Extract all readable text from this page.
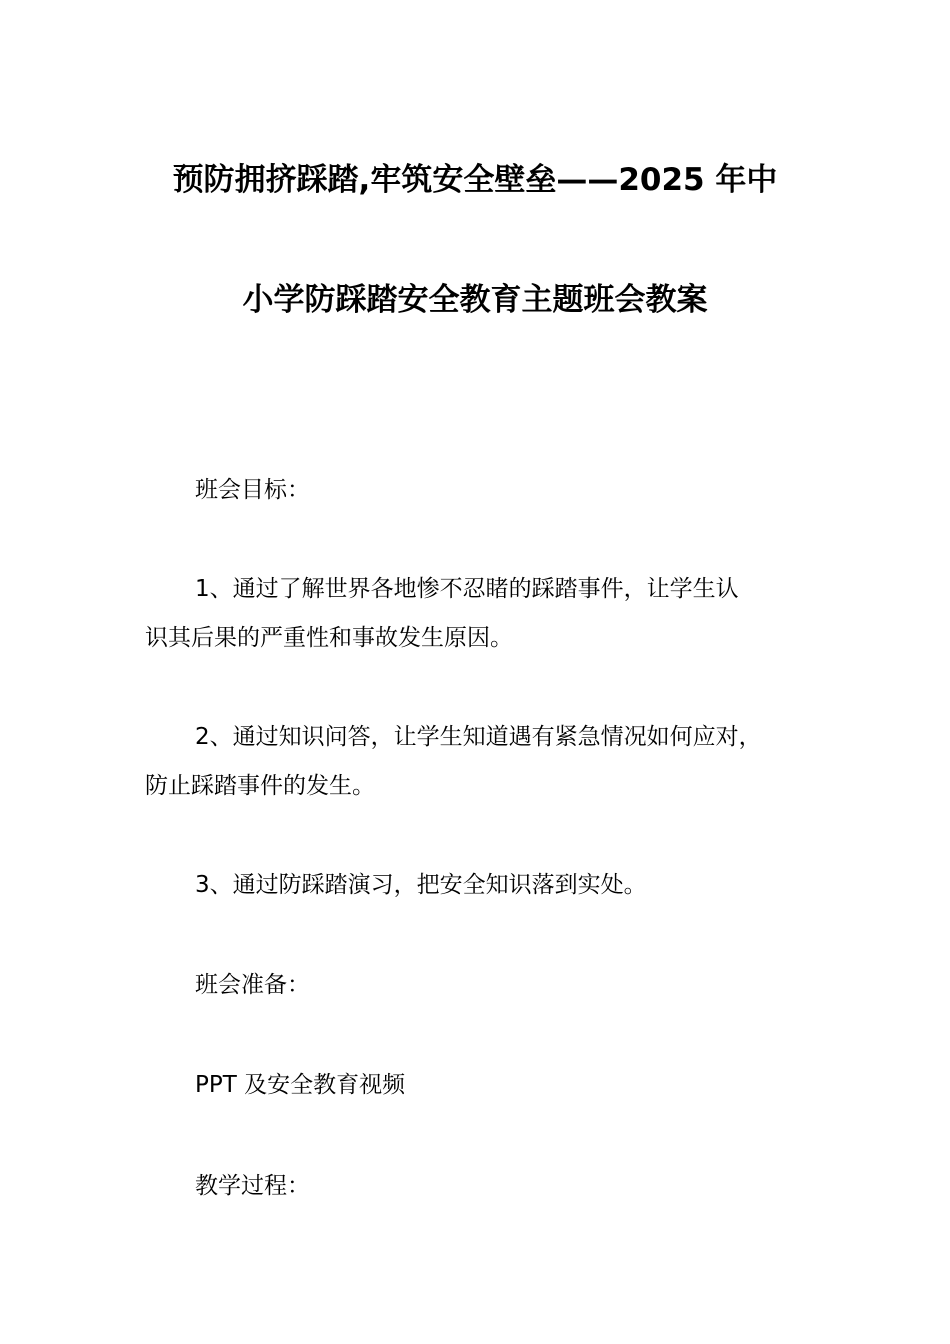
预防拥挤踩踏,牢筑安全壁垒——2025 年中
小学防踩踏安全教育主题班会教案
班会目标：
1、通过了解世界各地惨不忍睹的踩踏事件，让学生认
识其后果的严重性和事故发生原因。
2、通过知识问答，让学生知道遇有紧急情况如何应对，
防止踩踏事件的发生。
3、通过防踩踏演习，把安全知识落到实处。
班会准备：
PPT 及安全教育视频
教学过程：
